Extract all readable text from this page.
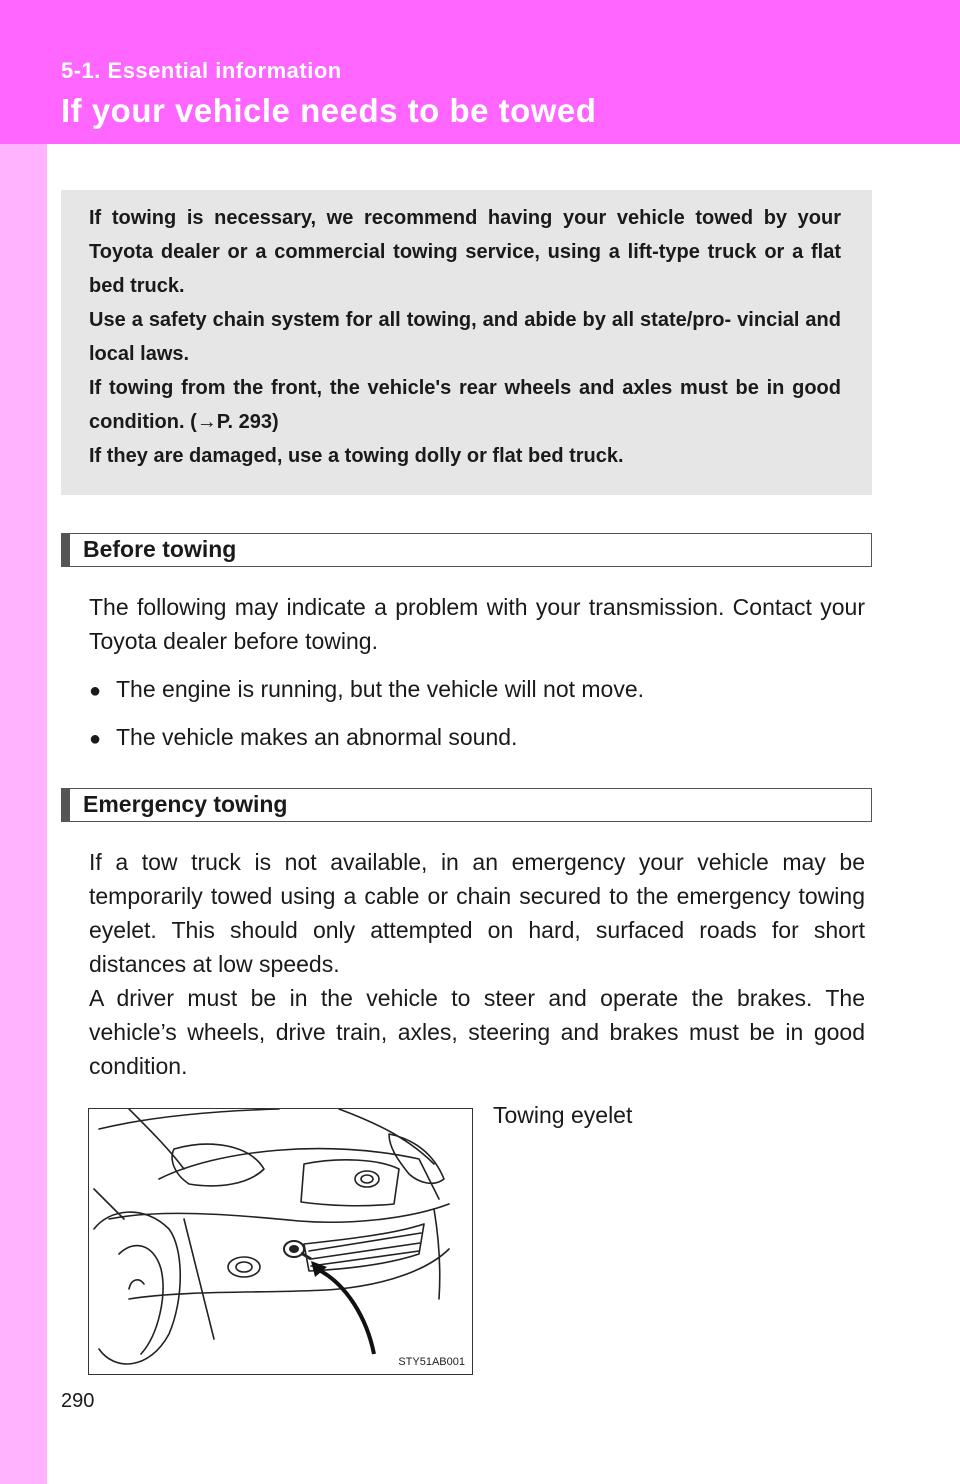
5-1. Essential information
If your vehicle needs to be towed

If towing is necessary, we recommend having your vehicle towed by your Toyota dealer or a commercial towing service, using a lift-type truck or a flat bed truck.

Use a safety chain system for all towing, and abide by all state/pro- vincial and local laws.

If towing from the front, the vehicle's rear wheels and axles must be in good condition. (→P. 293)

If they are damaged, use a towing dolly or flat bed truck.

Before towing

The following may indicate a problem with your transmission. Contact your Toyota dealer before towing.

● The engine is running, but the vehicle will not move.
● The vehicle makes an abnormal sound.
Emergency towing

If a tow truck is not available, in an emergency your vehicle may be temporarily towed using a cable or chain secured to the emergency towing eyelet. This should only attempted on hard, surfaced roads for short distances at low speeds.

A driver must be in the vehicle to steer and operate the brakes. The vehicle’s wheels, drive train, axles, steering and brakes must be in good condition.

STY51AB001
Towing eyelet
290
